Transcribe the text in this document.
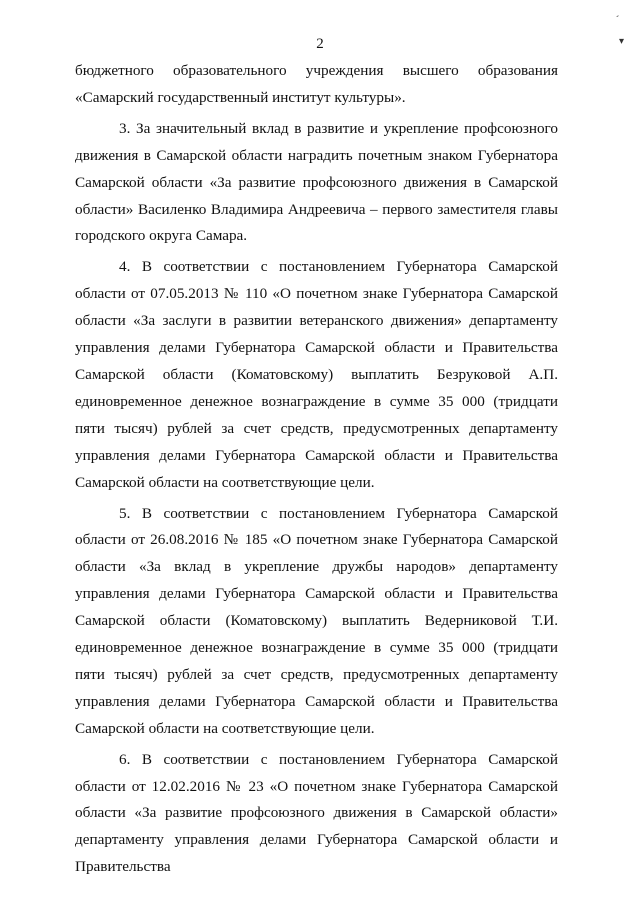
ˏ
▾
2

бюджетного образовательного учреждения высшего образования «Самарский государственный институт культуры».

3. За значительный вклад в развитие и укрепление профсоюзного движения в Самарской области наградить почетным знаком Губернатора Самарской области «За развитие профсоюзного движения в Самарской области» Василенко Владимира Андреевича – первого заместителя главы городского округа Самара.

4. В соответствии с постановлением Губернатора Самарской области от 07.05.2013 № 110 «О почетном знаке Губернатора Самарской области «За заслуги в развитии ветеранского движения» департаменту управления делами Губернатора Самарской области и Правительства Самарской области (Коматовскому) выплатить Безруковой А.П. единовременное денежное вознаграждение в сумме 35 000 (тридцати пяти тысяч) рублей за счет средств, предусмотренных департаменту управления делами Губернатора Самарской области и Правительства Самарской области на соответствующие цели.

5. В соответствии с постановлением Губернатора Самарской области от 26.08.2016 № 185 «О почетном знаке Губернатора Самарской области «За вклад в укрепление дружбы народов» департаменту управления делами Губернатора Самарской области и Правительства Самарской области (Коматовскому) выплатить Ведерниковой Т.И. единовременное денежное вознаграждение в сумме 35 000 (тридцати пяти тысяч) рублей за счет средств, предусмотренных департаменту управления делами Губернатора Самарской области и Правительства Самарской области на соответствующие цели.

6. В соответствии с постановлением Губернатора Самарской области от 12.02.2016 № 23 «О почетном знаке Губернатора Самарской области «За развитие профсоюзного движения в Самарской области» департаменту управления делами Губернатора Самарской области и Правительства
